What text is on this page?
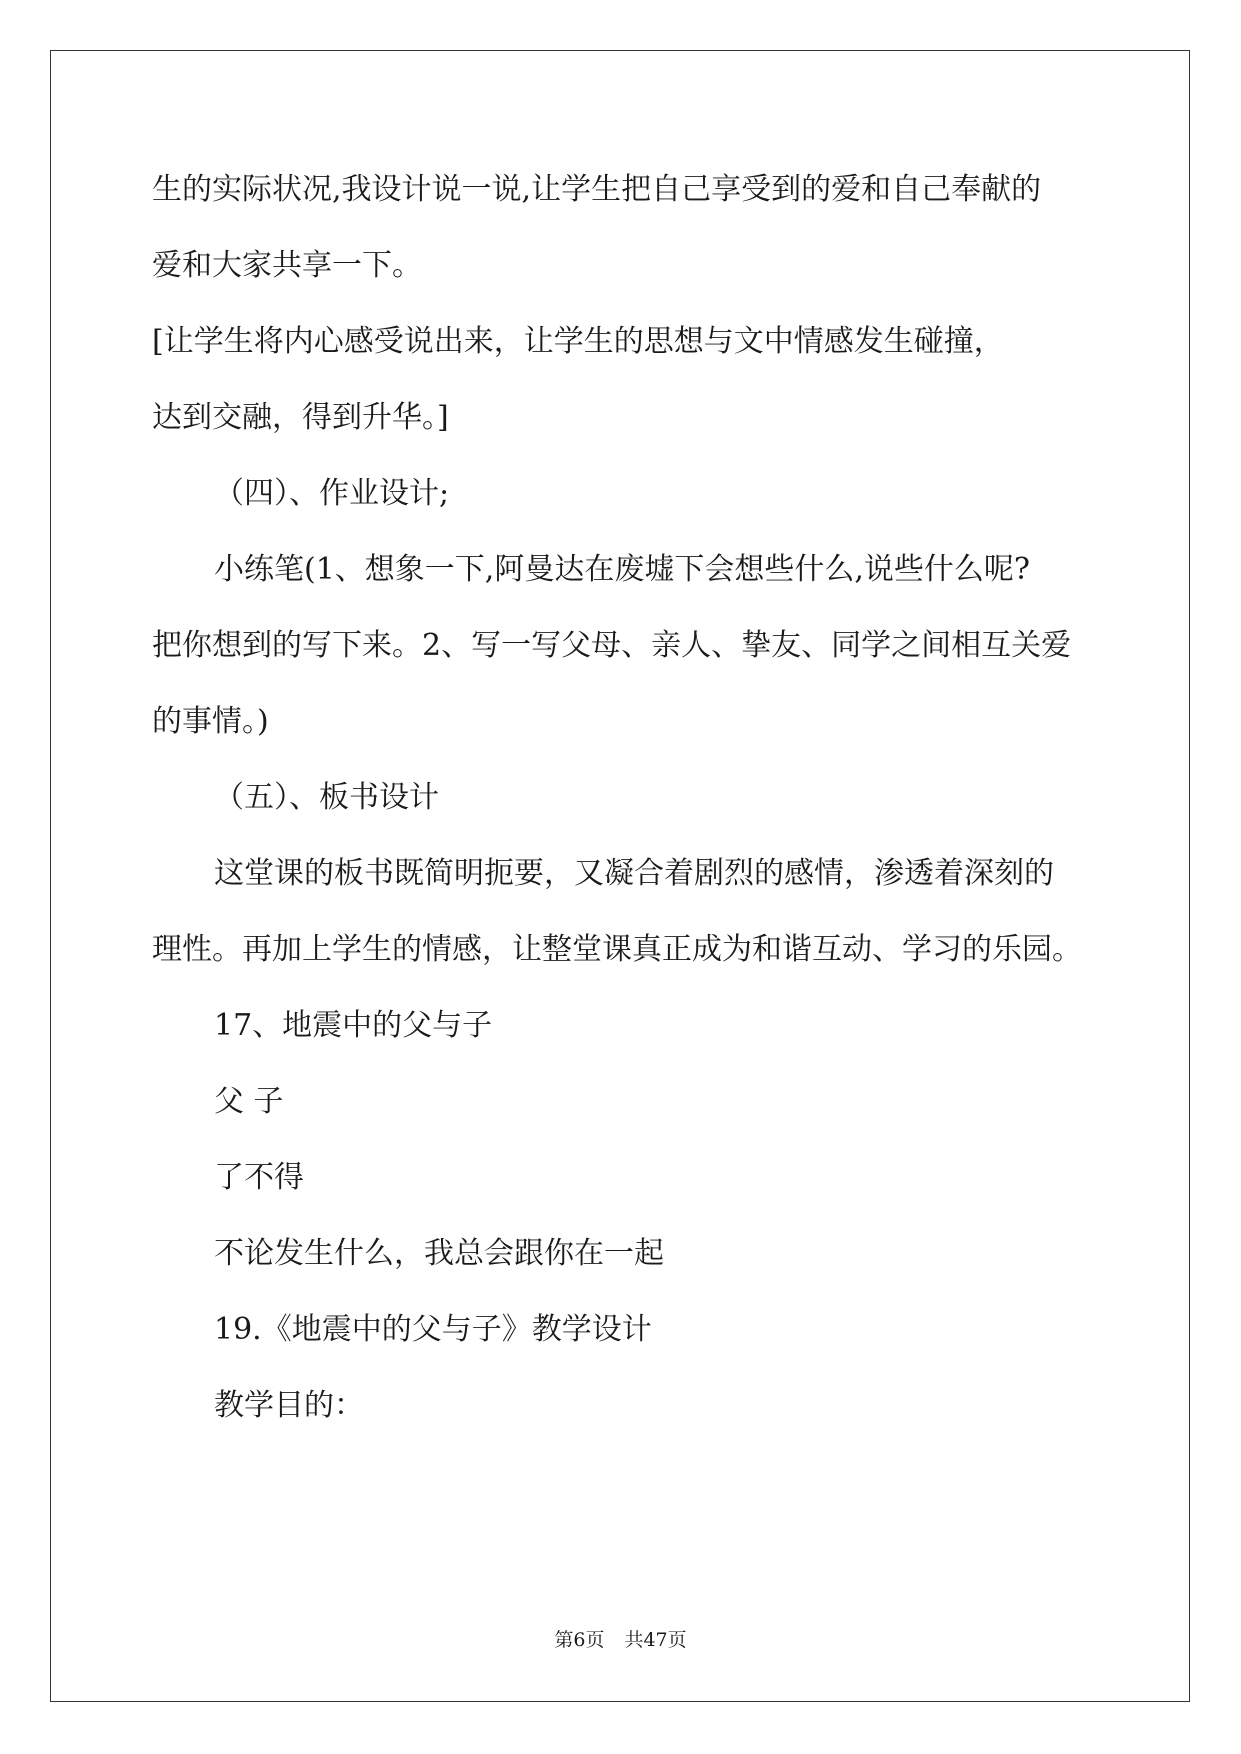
生的实际状况,我设计说一说,让学生把自己享受到的爱和自己奉献的
爱和大家共享一下。
[让学生将内心感受说出来，让学生的思想与文中情感发生碰撞，
达到交融，得到升华。]
（四）、作业设计;
小练笔(1、想象一下,阿曼达在废墟下会想些什么,说些什么呢?
把你想到的写下来。2、写一写父母、亲人、挚友、同学之间相互关爱
的事情。)
（五）、板书设计
这堂课的板书既简明扼要，又凝合着剧烈的感情，渗透着深刻的
理性。再加上学生的情感，让整堂课真正成为和谐互动、学习的乐园。
17、地震中的父与子
父 子
了不得
不论发生什么，我总会跟你在一起
19.《地震中的父与子》教学设计
教学目的：
第6页 共47页
